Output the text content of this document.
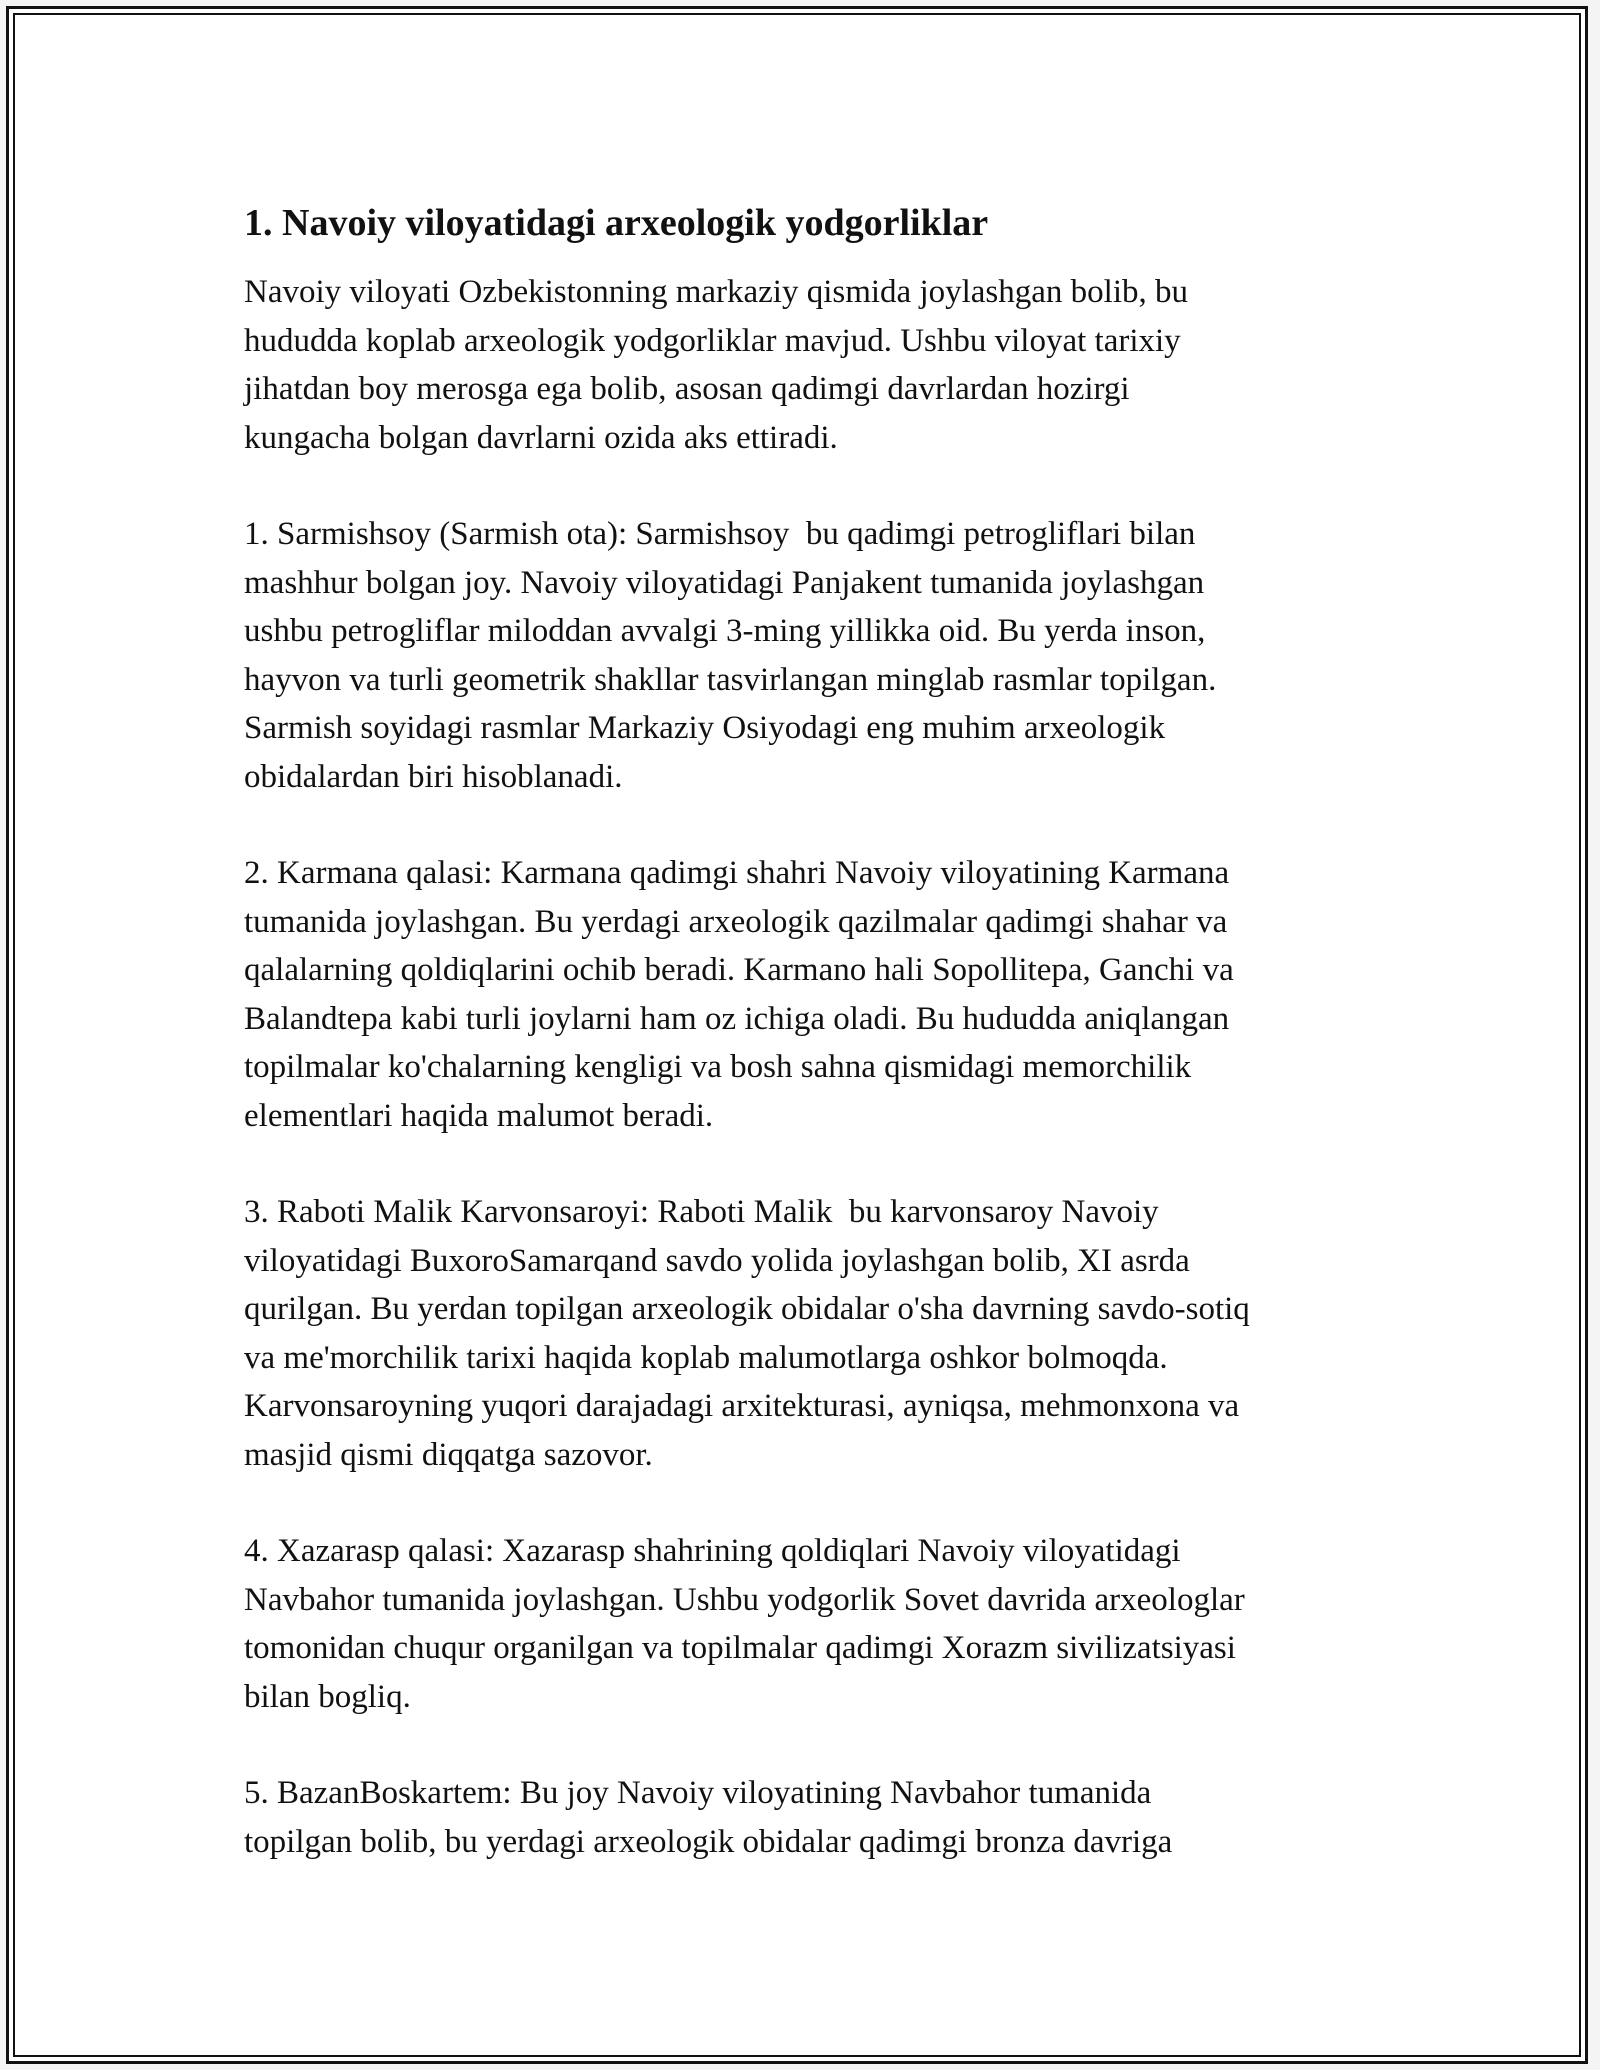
1. Navoiy viloyatidagi arxeologik yodgorliklar
Navoiy viloyati Ozbekistonning markaziy qismida joylashgan bolib, bu
hududda koplab arxeologik yodgorliklar mavjud. Ushbu viloyat tarixiy
jihatdan boy merosga ega bolib, asosan qadimgi davrlardan hozirgi
kungacha bolgan davrlarni ozida aks ettiradi.
1. Sarmishsoy (Sarmish ota): Sarmishsoy  bu qadimgi petrogliflari bilan
mashhur bolgan joy. Navoiy viloyatidagi Panjakent tumanida joylashgan
ushbu petrogliflar miloddan avvalgi 3-ming yillikka oid. Bu yerda inson,
hayvon va turli geometrik shakllar tasvirlangan minglab rasmlar topilgan.
Sarmish soyidagi rasmlar Markaziy Osiyodagi eng muhim arxeologik
obidalardan biri hisoblanadi.
2. Karmana qalasi: Karmana qadimgi shahri Navoiy viloyatining Karmana
tumanida joylashgan. Bu yerdagi arxeologik qazilmalar qadimgi shahar va
qalalarning qoldiqlarini ochib beradi. Karmano hali Sopollitepa, Ganchi va
Balandtepa kabi turli joylarni ham oz ichiga oladi. Bu hududda aniqlangan
topilmalar ko'chalarning kengligi va bosh sahna qismidagi memorchilik
elementlari haqida malumot beradi.
3. Raboti Malik Karvonsaroyi: Raboti Malik  bu karvonsaroy Navoiy
viloyatidagi BuxoroSamarqand savdo yolida joylashgan bolib, XI asrda
qurilgan. Bu yerdan topilgan arxeologik obidalar o'sha davrning savdo-sotiq
va me'morchilik tarixi haqida koplab malumotlarga oshkor bolmoqda.
Karvonsaroyning yuqori darajadagi arxitekturasi, ayniqsa, mehmonxona va
masjid qismi diqqatga sazovor.
4. Xazarasp qalasi: Xazarasp shahrining qoldiqlari Navoiy viloyatidagi
Navbahor tumanida joylashgan. Ushbu yodgorlik Sovet davrida arxeologlar
tomonidan chuqur organilgan va topilmalar qadimgi Xorazm sivilizatsiyasi
bilan bogliq.
5. BazanBoskartem: Bu joy Navoiy viloyatining Navbahor tumanida
topilgan bolib, bu yerdagi arxeologik obidalar qadimgi bronza davriga
